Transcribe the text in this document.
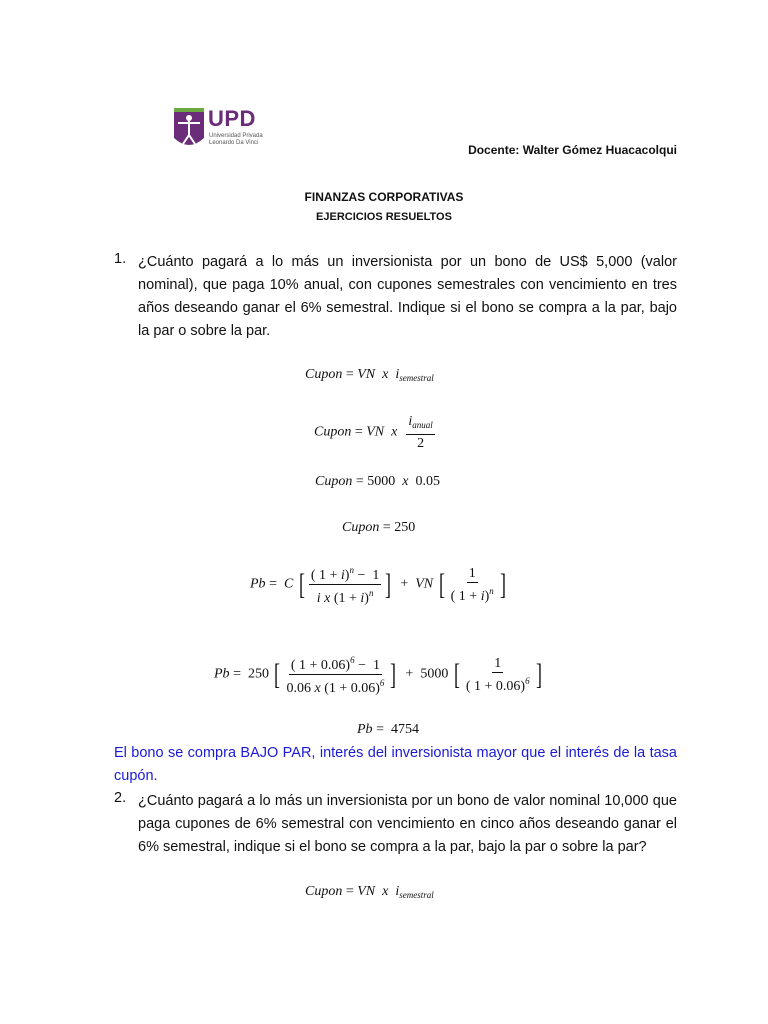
UPD
Universidad Privada
Leonardo Da Vinci	Docente: Walter Gómez Huacacolqui
FINANZAS CORPORATIVAS
EJERCICIOS RESUELTOS
1. ¿Cuánto pagará a lo más un inversionista por un bono de US$ 5,000 (valor nominal), que paga 10% anual, con cupones semestrales con vencimiento en tres años deseando ganar el 6% semestral. Indique si el bono se compra a la par, bajo la par o sobre la par.
Cupon = VN x $i_{semestral}$
Cupon = VN x $\frac{i_{anual}}{2}$
Cupon = 5000 x 0.05
Cupon = 250
Pb =  C [ $\frac{( 1 + i)^n - 1}{i x (1 + i)^n}$ ]  +  VN [ $\frac{1}{( 1 + i)^n}$ ]
Pb =  250 [ $\frac{( 1 + 0.06)^6 - 1}{0.06 x (1 + 0.06)^6}$ ]  +  5000 [ $\frac{1}{( 1 + 0.06)^6}$ ]
Pb =  4754
El bono se compra BAJO PAR, interés del inversionista mayor que el interés de la tasa cupón.
2. ¿Cuánto pagará a lo más un inversionista por un bono de valor nominal 10,000 que paga cupones de 6% semestral con vencimiento en cinco años deseando ganar el 6% semestral, indique si el bono se compra a la par, bajo la par o sobre la par?
Cupon = VN x $i_{semestral}$
